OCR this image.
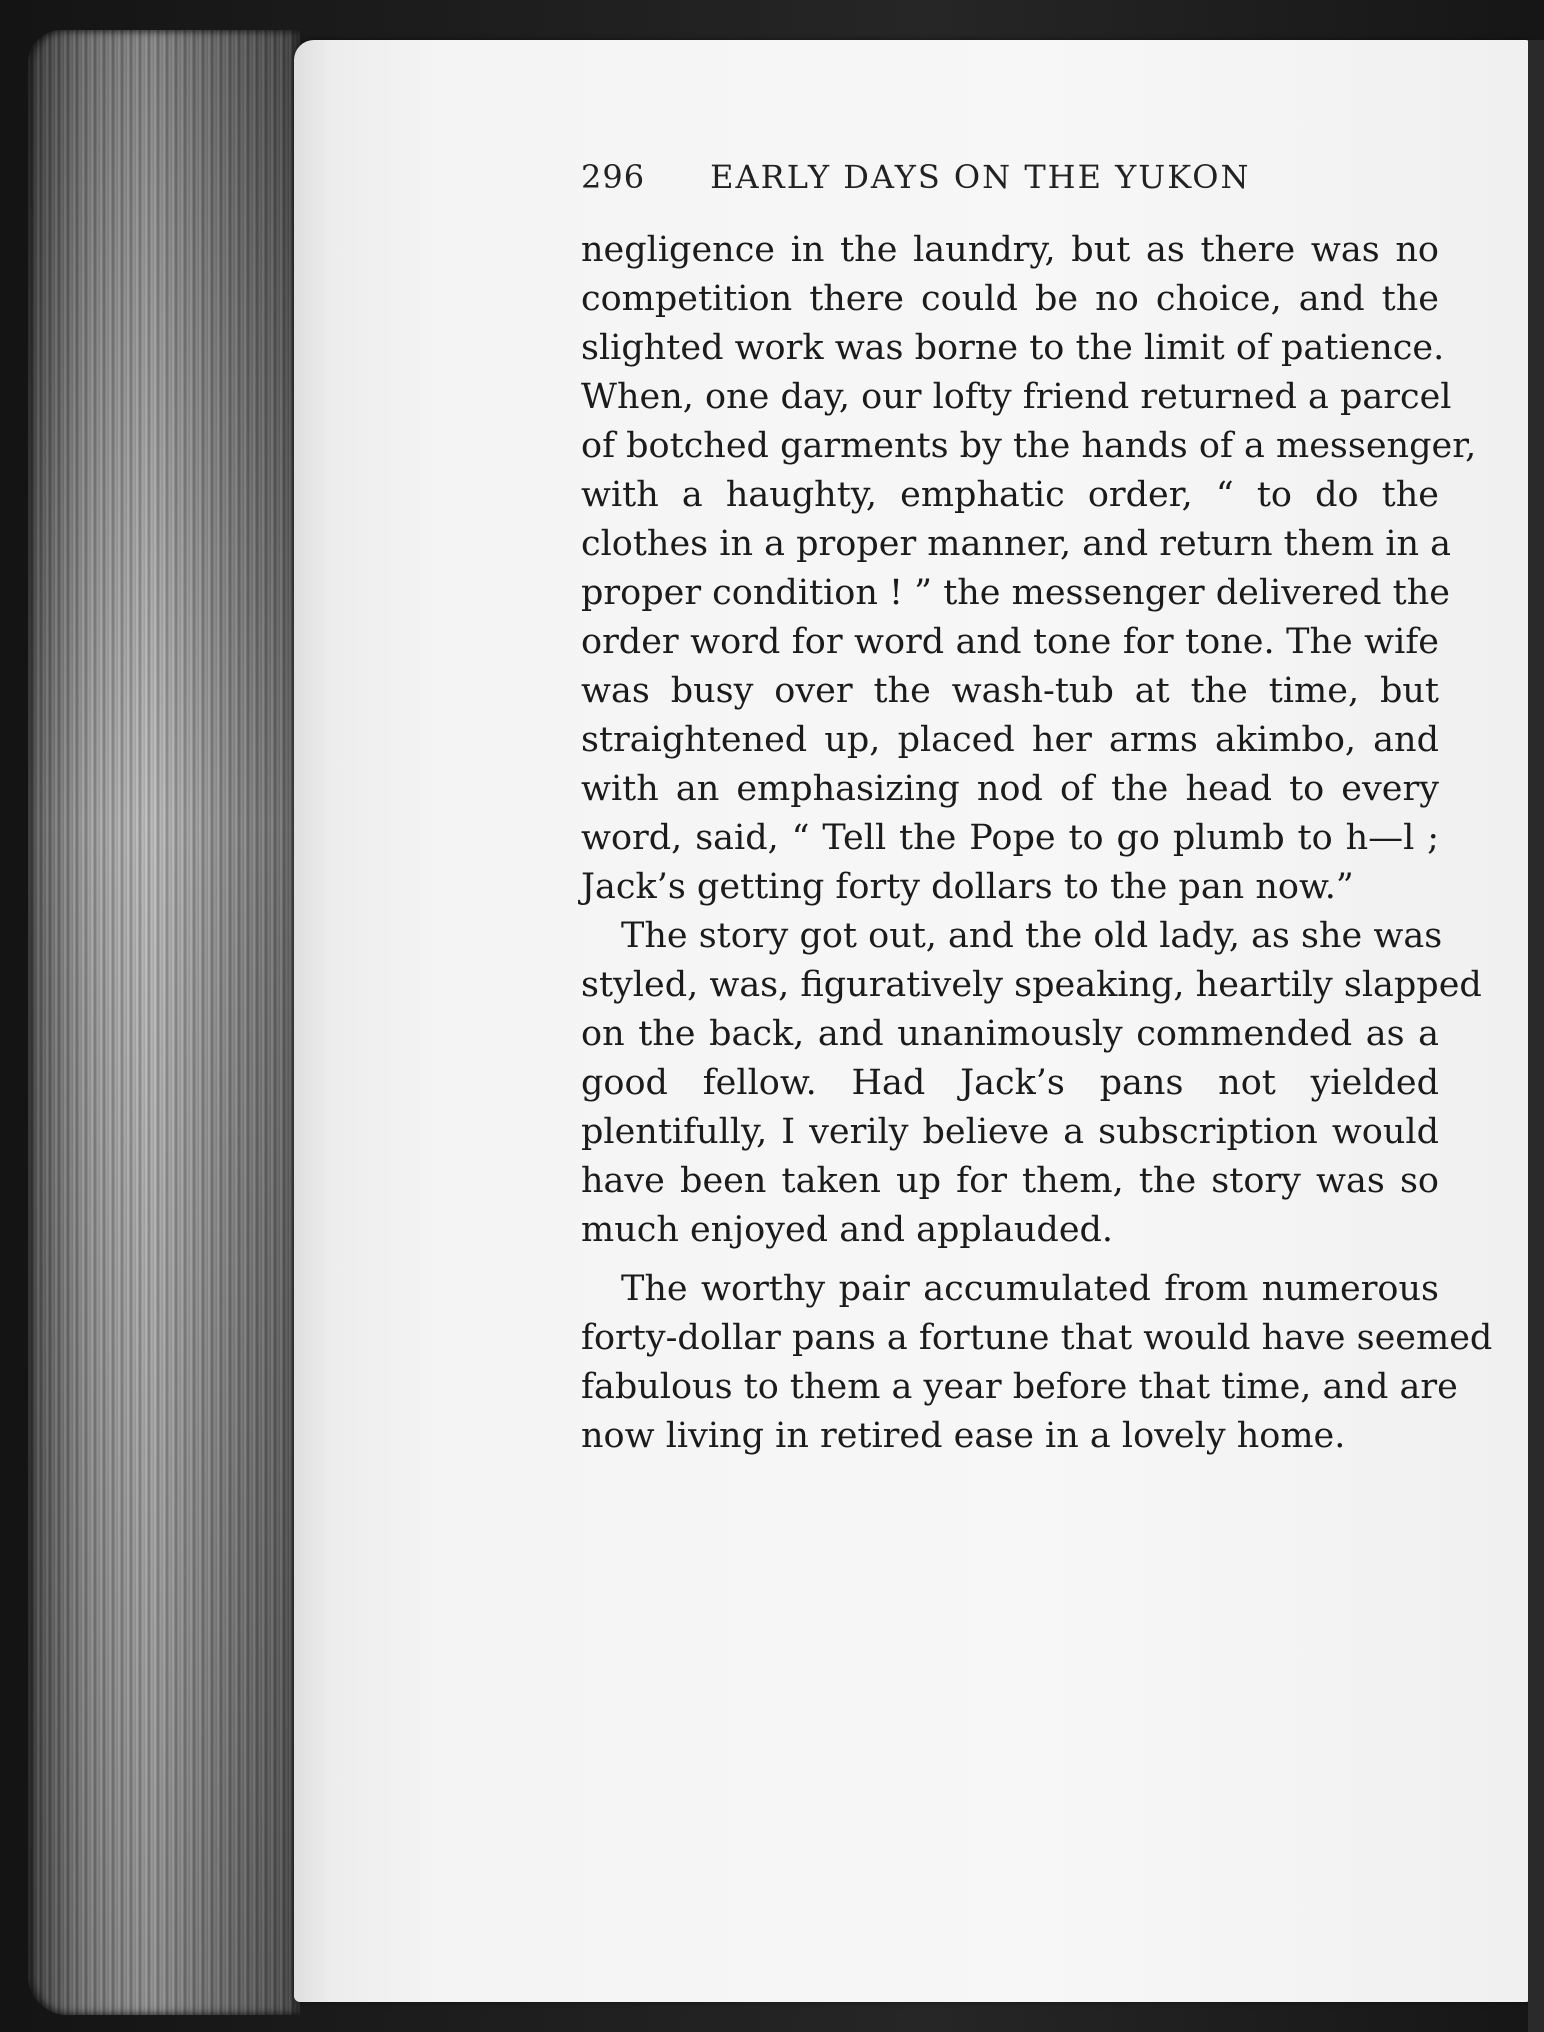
296 EARLY DAYS ON THE YUKON
negligence in the laundry, but as there was no
competition there could be no choice, and the
slighted work was borne to the limit of patience.
When, one day, our lofty friend returned a parcel
of botched garments by the hands of a messenger,
with a haughty, emphatic order, “ to do the
clothes in a proper manner, and return them in a
proper condition ! ” the messenger delivered the
order word for word and tone for tone. The wife
was busy over the wash-tub at the time, but
straightened up, placed her arms akimbo, and
with an emphasizing nod of the head to every
word, said, “ Tell the Pope to go plumb to h—l ;
Jack’s getting forty dollars to the pan now.”
The story got out, and the old lady, as she was
styled, was, figuratively speaking, heartily slapped
on the back, and unanimously commended as a
good fellow. Had Jack’s pans not yielded
plentifully, I verily believe a subscription would
have been taken up for them, the story was so
much enjoyed and applauded.
The worthy pair accumulated from numerous
forty-dollar pans a fortune that would have seemed
fabulous to them a year before that time, and are
now living in retired ease in a lovely home.
